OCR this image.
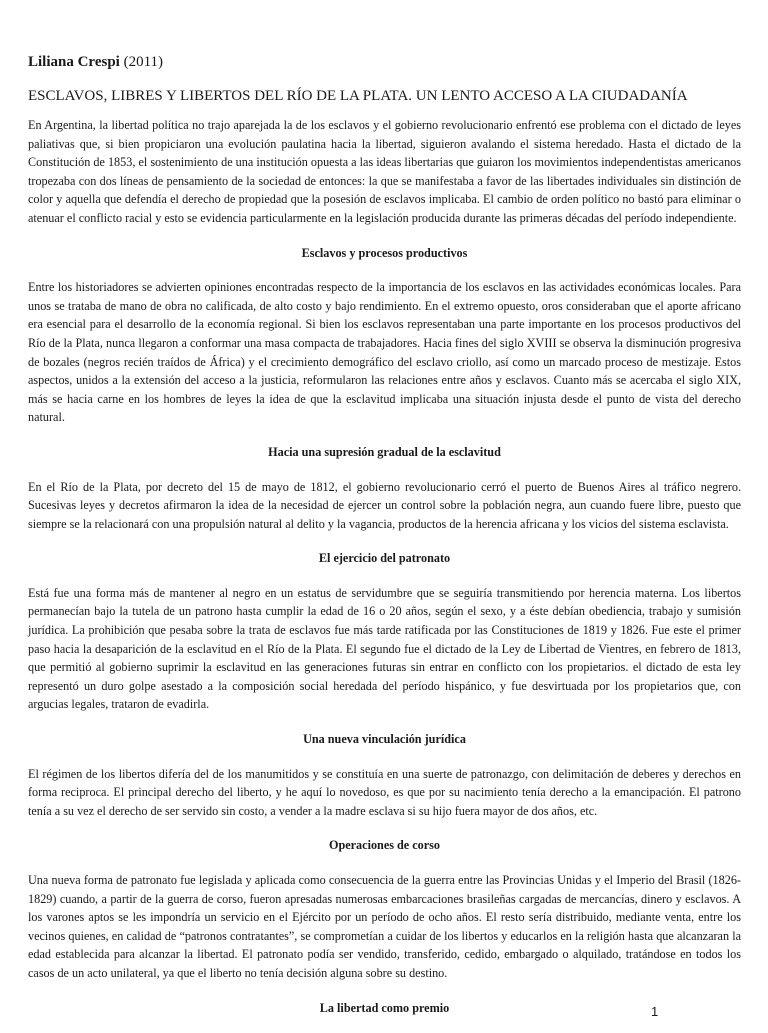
Liliana Crespi (2011)

ESCLAVOS, LIBRES Y LIBERTOS DEL RÍO DE LA PLATA. UN LENTO ACCESO A LA CIUDADANÍA

En Argentina, la libertad política no trajo aparejada la de los esclavos y el gobierno revolucionario enfrentó ese problema con el dictado de leyes paliativas que, si bien propiciaron una evolución paulatina hacia la libertad, siguieron avalando el sistema heredado. Hasta el dictado de la Constitución de 1853, el sostenimiento de una institución opuesta a las ideas libertarias que guiaron los movimientos independentistas americanos tropezaba con dos líneas de pensamiento de la sociedad de entonces: la que se manifestaba a favor de las libertades individuales sin distinción de color y aquella que defendía el derecho de propiedad que la posesión de esclavos implicaba. El cambio de orden político no bastó para eliminar o atenuar el conflicto racial y esto se evidencia particularmente en la legislación producida durante las primeras décadas del período independiente.

Esclavos y procesos productivos

Entre los historiadores se advierten opiniones encontradas respecto de la importancia de los esclavos en las actividades económicas locales. Para unos se trataba de mano de obra no calificada, de alto costo y bajo rendimiento. En el extremo opuesto, oros consideraban que el aporte africano era esencial para el desarrollo de la economía regional. Si bien los esclavos representaban una parte importante en los procesos productivos del Río de la Plata, nunca llegaron a conformar una masa compacta de trabajadores. Hacia fines del siglo XVIII se observa la disminución progresiva de bozales (negros recién traídos de África) y el crecimiento demográfico del esclavo criollo, así como un marcado proceso de mestizaje. Estos aspectos, unidos a la extensión del acceso a la justicia, reformularon las relaciones entre años y esclavos. Cuanto más se acercaba el siglo XIX, más se hacia carne en los hombres de leyes la idea de que la esclavitud implicaba una situación injusta desde el punto de vista del derecho natural.

Hacia una supresión gradual de la esclavitud

En el Río de la Plata, por decreto del 15 de mayo de 1812, el gobierno revolucionario cerró el puerto de Buenos Aires al tráfico negrero. Sucesivas leyes y decretos afirmaron la idea de la necesidad de ejercer un control sobre la población negra, aun cuando fuere libre, puesto que siempre se la relacionará con una propulsión natural al delito y la vagancia, productos de la herencia africana y los vicios del sistema esclavista.

El ejercicio del patronato

Está fue una forma más de mantener al negro en un estatus de servidumbre que se seguiría transmitiendo por herencia materna. Los libertos permanecían bajo la tutela de un patrono hasta cumplir la edad de 16 o 20 años, según el sexo, y a éste debían obediencia, trabajo y sumisión jurídica. La prohibición que pesaba sobre la trata de esclavos fue más tarde ratificada por las Constituciones de 1819 y 1826. Fue este el primer paso hacia la desaparición de la esclavitud en el Río de la Plata. El segundo fue el dictado de la Ley de Libertad de Vientres, en febrero de 1813, que permitió al gobierno suprimir la esclavitud en las generaciones futuras sin entrar en conflicto con los propietarios. el dictado de esta ley representó un duro golpe asestado a la composición social heredada del período hispánico, y fue desvirtuada por los propietarios que, con argucias legales, trataron de evadirla.

Una nueva vinculación jurídica

El régimen de los libertos difería del de los manumitidos y se constituía en una suerte de patronazgo, con delimitación de deberes y derechos en forma reciproca. El principal derecho del liberto, y he aquí lo novedoso, es que por su nacimiento tenía derecho a la emancipación. El patrono tenía a su vez el derecho de ser servido sin costo, a vender a la madre esclava si su hijo fuera mayor de dos años, etc.

Operaciones de corso

Una nueva forma de patronato fue legislada y aplicada como consecuencia de la guerra entre las Provincias Unidas y el Imperio del Brasil (1826-1829) cuando, a partir de la guerra de corso, fueron apresadas numerosas embarcaciones brasileñas cargadas de mercancías, dinero y esclavos. A los varones aptos se les impondría un servicio en el Ejército por un período de ocho años. El resto sería distribuido, mediante venta, entre los vecinos quienes, en calidad de “patronos contratantes”, se comprometían a cuidar de los libertos y educarlos en la religión hasta que alcanzaran la edad establecida para alcanzar la libertad. El patronato podía ser vendido, transferido, cedido, embargado o alquilado, tratándose en todos los casos de un acto unilateral, ya que el liberto no tenía decisión alguna sobre su destino.

La libertad como premio	1
